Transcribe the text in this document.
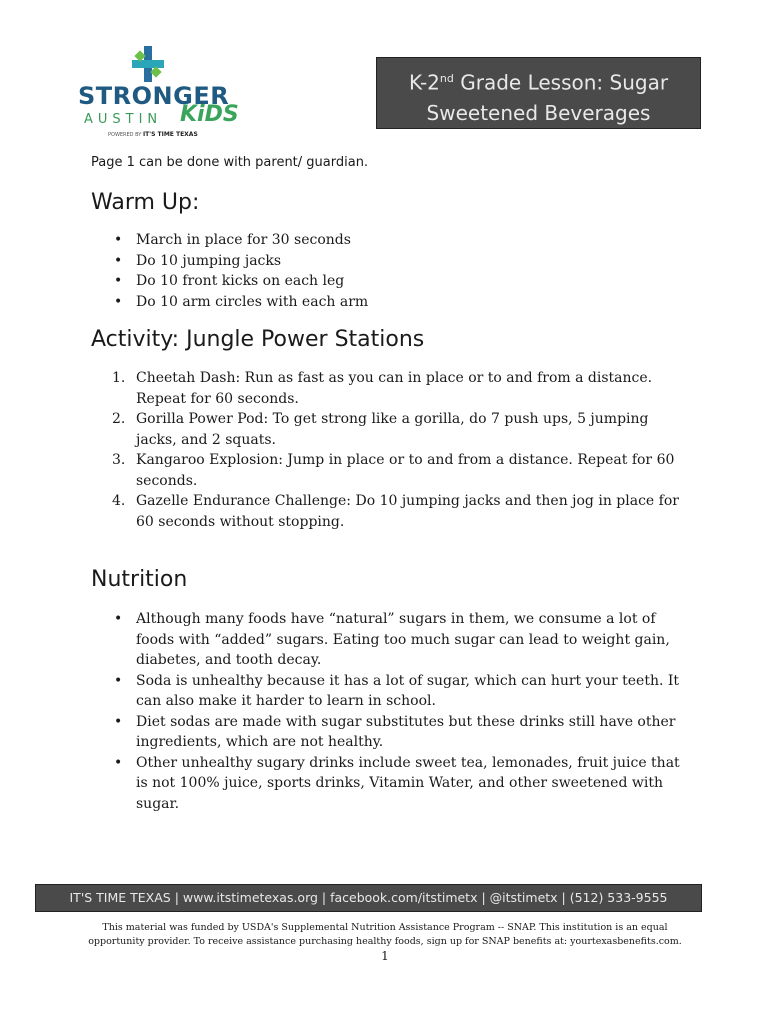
STRONGER
AUSTIN KiDS
POWERED BY IT'S TIME TEXAS
K-2nd Grade Lesson: Sugar
Sweetened Beverages
Page 1 can be done with parent/ guardian.
Warm Up:
• March in place for 30 seconds
• Do 10 jumping jacks
• Do 10 front kicks on each leg
• Do 10 arm circles with each arm
Activity: Jungle Power Stations
1. Cheetah Dash: Run as fast as you can in place or to and from a distance. Repeat for 60 seconds.
2. Gorilla Power Pod: To get strong like a gorilla, do 7 push ups, 5 jumping jacks, and 2 squats.
3. Kangaroo Explosion: Jump in place or to and from a distance. Repeat for 60 seconds.
4. Gazelle Endurance Challenge: Do 10 jumping jacks and then jog in place for 60 seconds without stopping.
Nutrition
• Although many foods have “natural” sugars in them, we consume a lot of foods with “added” sugars. Eating too much sugar can lead to weight gain, diabetes, and tooth decay.
• Soda is unhealthy because it has a lot of sugar, which can hurt your teeth. It can also make it harder to learn in school.
• Diet sodas are made with sugar substitutes but these drinks still have other ingredients, which are not healthy.
• Other unhealthy sugary drinks include sweet tea, lemonades, fruit juice that is not 100% juice, sports drinks, Vitamin Water, and other sweetened with sugar.
IT'S TIME TEXAS | www.itstimetexas.org | facebook.com/itstimetx | @itstimetx | (512) 533-9555
This material was funded by USDA's Supplemental Nutrition Assistance Program -- SNAP. This institution is an equal
opportunity provider. To receive assistance purchasing healthy foods, sign up for SNAP benefits at: yourtexasbenefits.com.
1
